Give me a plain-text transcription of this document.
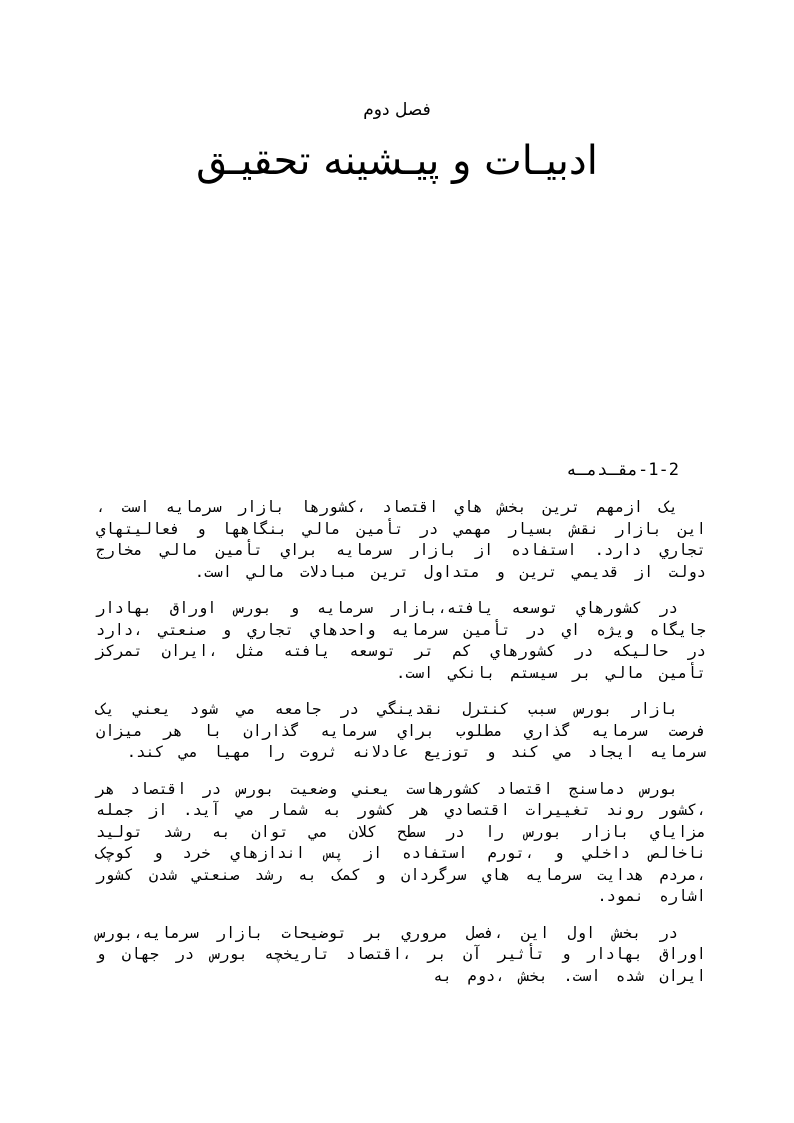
فصل دوم
ادبیـات و پیـشینه تحقیـق
1-2-مقـدمـه

یک ازمهم ترین بخش هاي اقتصاد ،کشورها بازار سرمایه است ، این بازار نقش بسیار مهمي در تأمین مالي بنگاهها و فعالیتهاي تجاري دارد. استفاده از بازار سرمایه براي تأمین مالي مخارج دولت از قدیمي ترین و متداول ترین مبادلات مالي است.

در کشورهاي توسعه یافته،بازار سرمایه و بورس اوراق بهادار جایگاه ویژه اي در تأمین سرمایه واحدهاي تجاري و صنعتي ،دارد در حالیکه در کشورهاي کم تر توسعه یافته مثل ،ایران تمرکز تأمین مالي بر سیستم بانکي است.

بازار بورس سبب کنترل نقدینگي در جامعه مي شود یعني یک فرصت سرمایه گذاري مطلوب براي سرمایه گذاران با هر میزان سرمایه ایجاد مي کند و توزیع عادلانه ثروت را مهیا مي کند.

بورس دماسنج اقتصاد کشورهاست یعني وضعیت بورس در اقتصاد هر ،کشور روند تغییرات اقتصادي هر کشور به شمار مي آید. از جمله مزایاي بازار بورس را در سطح کلان مي توان به رشد تولید ناخالص داخلي و ،تورم استفاده از پس اندازهاي خرد و کوچک ،مردم هدایت سرمایه هاي سرگردان و کمک به رشد صنعتي شدن کشور اشاره نمود.

در بخش اول این ،فصل مروري بر توضیحات بازار سرمایه،بورس اوراق بهادار و تأثیر آن بر ،اقتصاد تاریخچه بورس در جهان و ایران شده است. بخش ،دوم به
